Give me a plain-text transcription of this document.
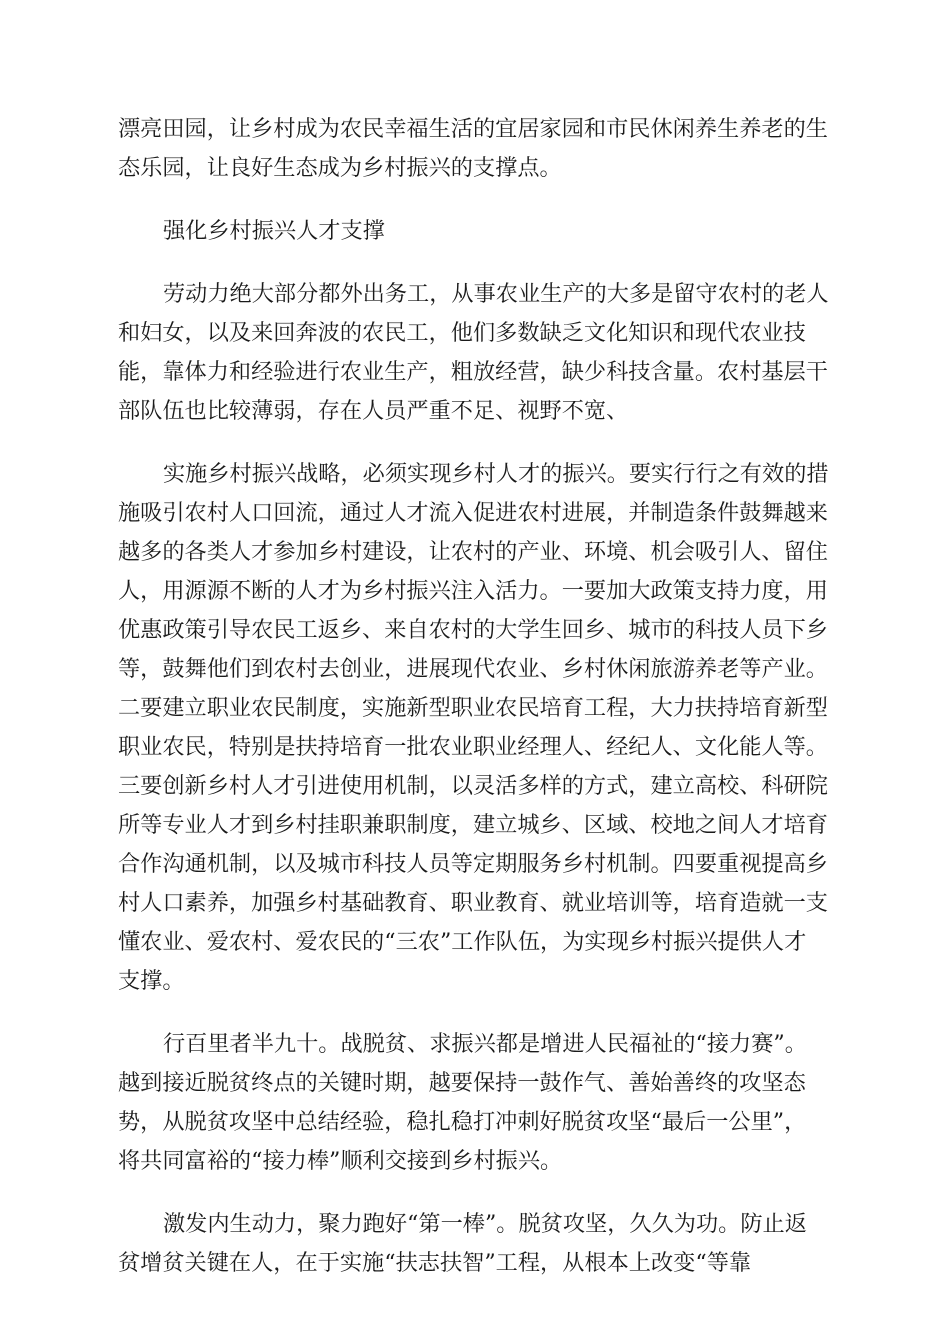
漂亮田园，让乡村成为农民幸福生活的宜居家园和市民休闲养生养老的生
态乐园，让良好生态成为乡村振兴的支撑点。
强化乡村振兴人才支撑
劳动力绝大部分都外出务工，从事农业生产的大多是留守农村的老人
和妇女，以及来回奔波的农民工，他们多数缺乏文化知识和现代农业技
能，靠体力和经验进行农业生产，粗放经营，缺少科技含量。农村基层干
部队伍也比较薄弱，存在人员严重不足、视野不宽、
实施乡村振兴战略，必须实现乡村人才的振兴。要实行行之有效的措
施吸引农村人口回流，通过人才流入促进农村进展，并制造条件鼓舞越来
越多的各类人才参加乡村建设，让农村的产业、环境、机会吸引人、留住
人，用源源不断的人才为乡村振兴注入活力。一要加大政策支持力度，用
优惠政策引导农民工返乡、来自农村的大学生回乡、城市的科技人员下乡
等，鼓舞他们到农村去创业，进展现代农业、乡村休闲旅游养老等产业。
二要建立职业农民制度，实施新型职业农民培育工程，大力扶持培育新型
职业农民，特别是扶持培育一批农业职业经理人、经纪人、文化能人等。
三要创新乡村人才引进使用机制，以灵活多样的方式，建立高校、科研院
所等专业人才到乡村挂职兼职制度，建立城乡、区域、校地之间人才培育
合作沟通机制，以及城市科技人员等定期服务乡村机制。四要重视提高乡
村人口素养，加强乡村基础教育、职业教育、就业培训等，培育造就一支
懂农业、爱农村、爱农民的“三农”工作队伍，为实现乡村振兴提供人才
支撑。
行百里者半九十。战脱贫、求振兴都是增进人民福祉的“接力赛”。
越到接近脱贫终点的关键时期，越要保持一鼓作气、善始善终的攻坚态
势，从脱贫攻坚中总结经验，稳扎稳打冲刺好脱贫攻坚“最后一公里”，
将共同富裕的“接力棒”顺利交接到乡村振兴。
激发内生动力，聚力跑好“第一棒”。脱贫攻坚，久久为功。防止返
贫增贫关键在人，在于实施“扶志扶智”工程，从根本上改变“等靠
